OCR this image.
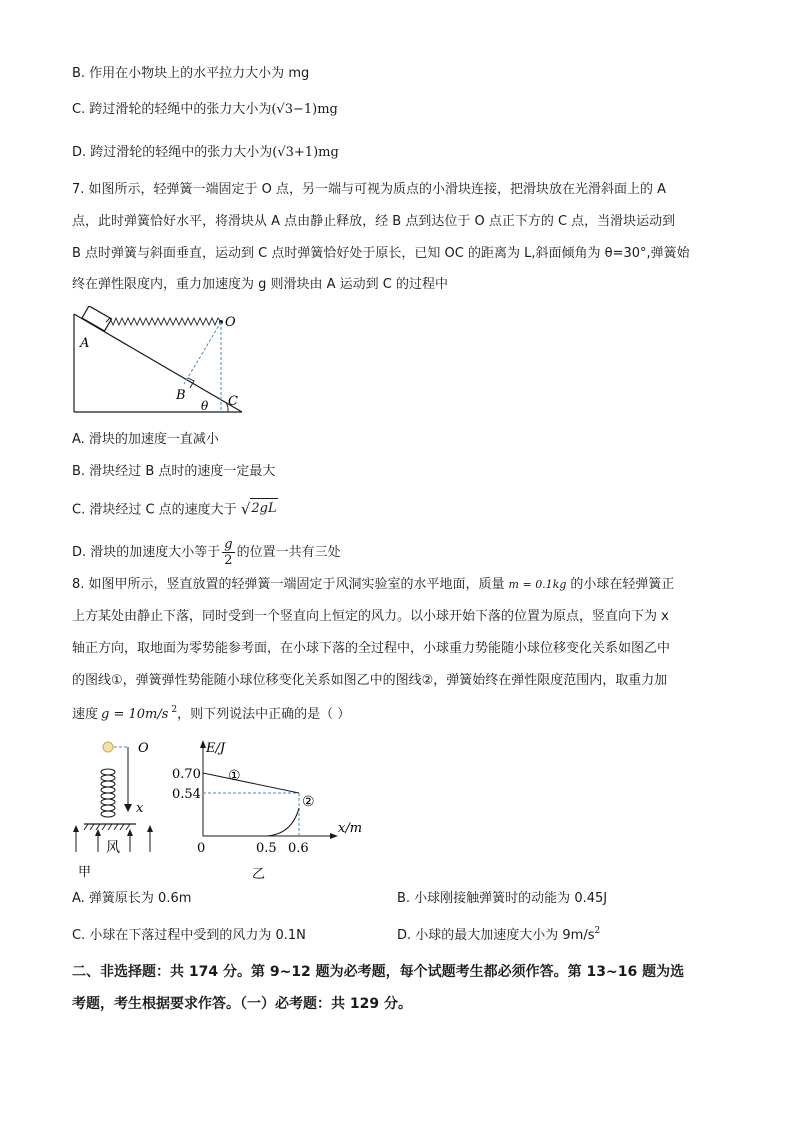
B. 作用在小物块上的水平拉力大小为 mg
C. 跨过滑轮的轻绳中的张力大小为(√3−1)mg
D. 跨过滑轮的轻绳中的张力大小为(√3+1)mg
7. 如图所示，轻弹簧一端固定于 O 点，另一端与可视为质点的小滑块连接，把滑块放在光滑斜面上的 A
点，此时弹簧恰好水平，将滑块从 A 点由静止释放，经 B 点到达位于 O 点正下方的 C 点，当滑块运动到
B 点时弹簧与斜面垂直，运动到 C 点时弹簧恰好处于原长，已知 OC 的距离为 L,斜面倾角为 θ=30°,弹簧始
终在弹性限度内，重力加速度为 g 则滑块由 A 运动到 C 的过程中
O
A
B	C
θ
A. 滑块的加速度一直减小
B. 滑块经过 B 点时的速度一定最大
C. 滑块经过 C 点的速度大于 √ 2gL
D. 滑块的加速度大小等于 $\frac{g}{2}$ 的位置一共有三处
8. 如图甲所示，竖直放置的轻弹簧一端固定于风洞实验室的水平地面，质量 m = 0.1kg 的小球在轻弹簧正
上方某处由静止下落，同时受到一个竖直向上恒定的风力。以小球开始下落的位置为原点，竖直向下为 x
轴正方向，取地面为零势能参考面，在小球下落的全过程中，小球重力势能随小球位移变化关系如图乙中
的图线①，弹簧弹性势能随小球位移变化关系如图乙中的图线②，弹簧始终在弹性限度范围内，取重力加
速度 g = 10m/s $^2$，则下列说法中正确的是（ ）
O
x
风
甲
E/J
x/m
0.70
0.54
0	0.5 0.6
①
②
乙
A. 弹簧原长为 0.6m	B. 小球刚接触弹簧时的动能为 0.45J
C. 小球在下落过程中受到的风力为 0.1N	D. 小球的最大加速度大小为 $9m/s^2$
二、非选择题：共 174 分。第 9~12 题为必考题，每个试题考生都必须作答。第 13~16 题为选
考题，考生根据要求作答。（一）必考题：共 129 分。
